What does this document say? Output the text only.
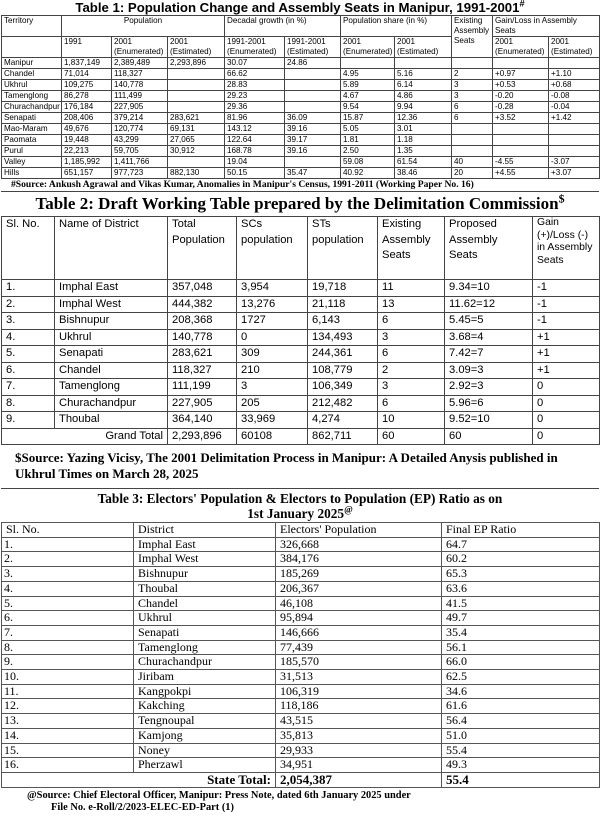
Table 1: Population Change and Assembly Seats in Manipur, 1991-2001#
Territory	Population			Decadal growth (in %)		Population share (in %)		Existing Assembly Seats	Gain/Loss in Assembly Seats	
	1991	2001 (Enumerated)	2001 (Estimated)	1991-2001 (Enumerated)	1991-2001 (Estimated)	2001 (Enumerated)	2001 (Estimated)		2001 (Enumerated)	2001 (Estimated)
Manipur	1,837,149	2,389,489	2,293,896	30.07	24.86					
Chandel	71,014	118,327		66.62		4.95	5.16	2	+0.97	+1.10
Ukhrul	109,275	140,778		28.83		5.89	6.14	3	+0.53	+0.68
Tamenglong	86,278	111,499		29.23		4.67	4.86	3	-0.20	-0.08
Churachandpur	176,184	227,905		29.36		9.54	9.94	6	-0.28	-0.04
Senapati	208,406	379,214	283,621	81.96	36.09	15.87	12.36	6	+3.52	+1.42
Mao-Maram	49,676	120,774	69,131	143.12	39.16	5.05	3.01			
Paomata	19,448	43,299	27,065	122.64	39.17	1.81	1.18			
Purul	22,213	59,705	30,912	168.78	39.16	2.50	1.35			
Valley	1,185,992	1,411,766		19.04		59.08	61.54	40	-4.55	-3.07
Hills	651,157	977,723	882,130	50.15	35.47	40.92	38.46	20	+4.55	+3.07
#Source: Ankush Agrawal and Vikas Kumar, Anomalies in Manipur's Census, 1991-2011 (Working Paper No. 16)
Table 2: Draft Working Table prepared by the Delimitation Commission$
Sl. No.	Name of District	Total Population	SCs population	STs population	Existing Assembly Seats	Proposed Assembly Seats	Gain (+)/Loss (-) in Assembly Seats
1.	Imphal East	357,048	3,954	19,718	11	9.34=10	-1
2.	Imphal West	444,382	13,276	21,118	13	11.62=12	-1
3.	Bishnupur	208,368	1727	6,143	6	5.45=5	-1
4.	Ukhrul	140,778	0	134,493	3	3.68=4	+1
5.	Senapati	283,621	309	244,361	6	7.42=7	+1
6.	Chandel	118,327	210	108,779	2	3.09=3	+1
7.	Tamenglong	111,199	3	106,349	3	2.92=3	0
8.	Churachandpur	227,905	205	212,482	6	5.96=6	0
9.	Thoubal	364,140	33,969	4,274	10	9.52=10	0
Grand Total		2,293,896	60108	862,711	60	60	0
$Source: Yazing Vicisy, The 2001 Delimitation Process in Manipur: A Detailed Anysis published in Ukhrul Times on March 28, 2025
Table 3: Electors' Population & Electors to Population (EP) Ratio as on
1st January 2025@
Sl. No.	District	Electors' Population	Final EP Ratio
1.	Imphal East	326,668	64.7
2.	Imphal West	384,176	60.2
3.	Bishnupur	185,269	65.3
4.	Thoubal	206,367	63.6
5.	Chandel	46,108	41.5
6.	Ukhrul	95,894	49.7
7.	Senapati	146,666	35.4
8.	Tamenglong	77,439	56.1
9.	Churachandpur	185,570	66.0
10.	Jiribam	31,513	62.5
11.	Kangpokpi	106,319	34.6
12.	Kakching	118,186	61.6
13.	Tengnoupal	43,515	56.4
14.	Kamjong	35,813	51.0
15.	Noney	29,933	55.4
16.	Pherzawl	34,951	49.3
State Total:		2,054,387	55.4
@Source: Chief Electoral Officer, Manipur: Press Note, dated 6th January 2025 under
File No. e-Roll/2/2023-ELEC-ED-Part (1)
